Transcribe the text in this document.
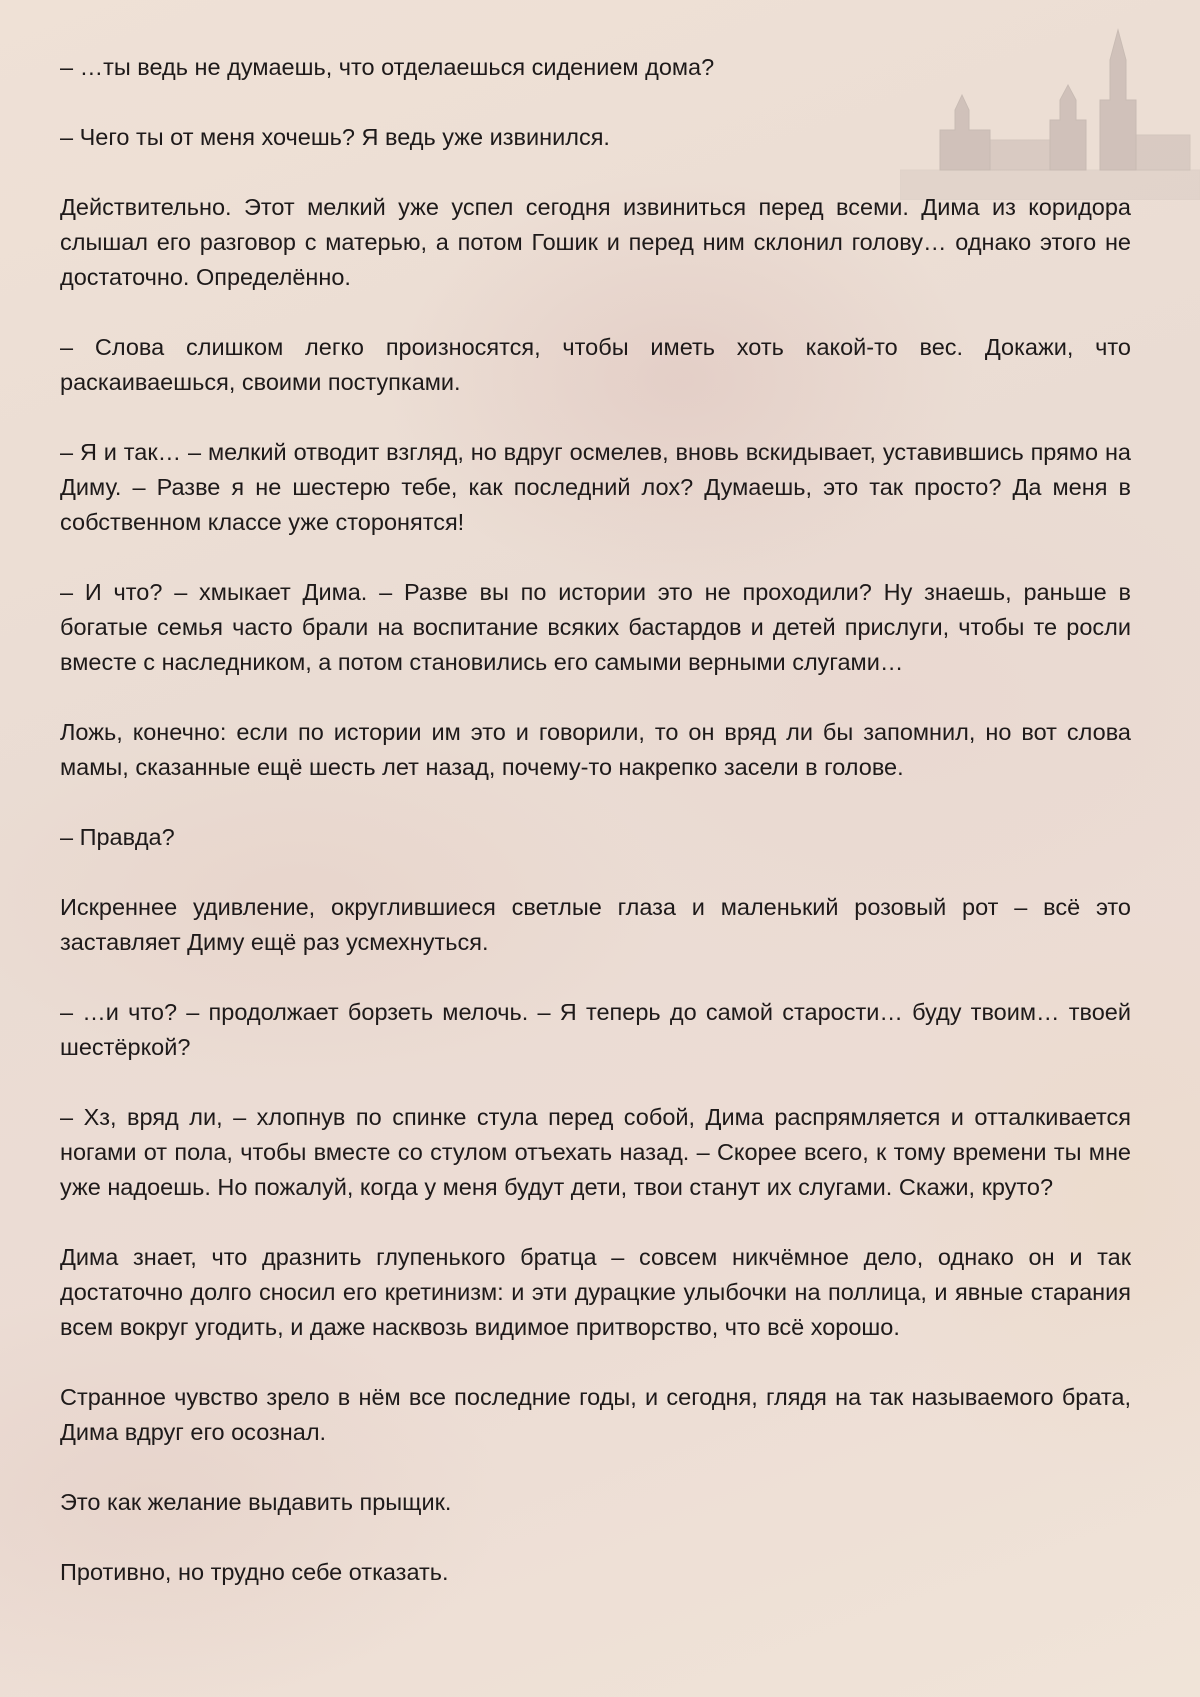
– …ты ведь не думаешь, что отделаешься сидением дома?

– Чего ты от меня хочешь? Я ведь уже извинился.

Действительно. Этот мелкий уже успел сегодня извиниться перед всеми. Дима из коридора слышал его разговор с матерью, а потом Гошик и перед ним склонил голову… однако этого не достаточно. Определённо.

– Слова слишком легко произносятся, чтобы иметь хоть какой-то вес. Докажи, что раскаиваешься, своими поступками.

– Я и так… – мелкий отводит взгляд, но вдруг осмелев, вновь вскидывает, уставившись прямо на Диму. – Разве я не шестерю тебе, как последний лох? Думаешь, это так просто? Да меня в собственном классе уже сторонятся!

– И что? – хмыкает Дима. – Разве вы по истории это не проходили? Ну знаешь, раньше в богатые семья часто брали на воспитание всяких бастардов и детей прислуги, чтобы те росли вместе с наследником, а потом становились его самыми верными слугами…

Ложь, конечно: если по истории им это и говорили, то он вряд ли бы запомнил, но вот слова мамы, сказанные ещё шесть лет назад, почему-то накрепко засели в голове.

– Правда?

Искреннее удивление, округлившиеся светлые глаза и маленький розовый рот – всё это заставляет Диму ещё раз усмехнуться.

– …и что? – продолжает борзеть мелочь. – Я теперь до самой старости… буду твоим… твоей шестёркой?

– Хз, вряд ли, – хлопнув по спинке стула перед собой, Дима распрямляется и отталкивается ногами от пола, чтобы вместе со стулом отъехать назад. – Скорее всего, к тому времени ты мне уже надоешь. Но пожалуй, когда у меня будут дети, твои станут их слугами. Скажи, круто?

Дима знает, что дразнить глупенького братца – совсем никчёмное дело, однако он и так достаточно долго сносил его кретинизм: и эти дурацкие улыбочки на поллица, и явные старания всем вокруг угодить, и даже насквозь видимое притворство, что всё хорошо.

Странное чувство зрело в нём все последние годы, и сегодня, глядя на так называемого брата, Дима вдруг его осознал.

Это как желание выдавить прыщик.

Противно, но трудно себе отказать.
